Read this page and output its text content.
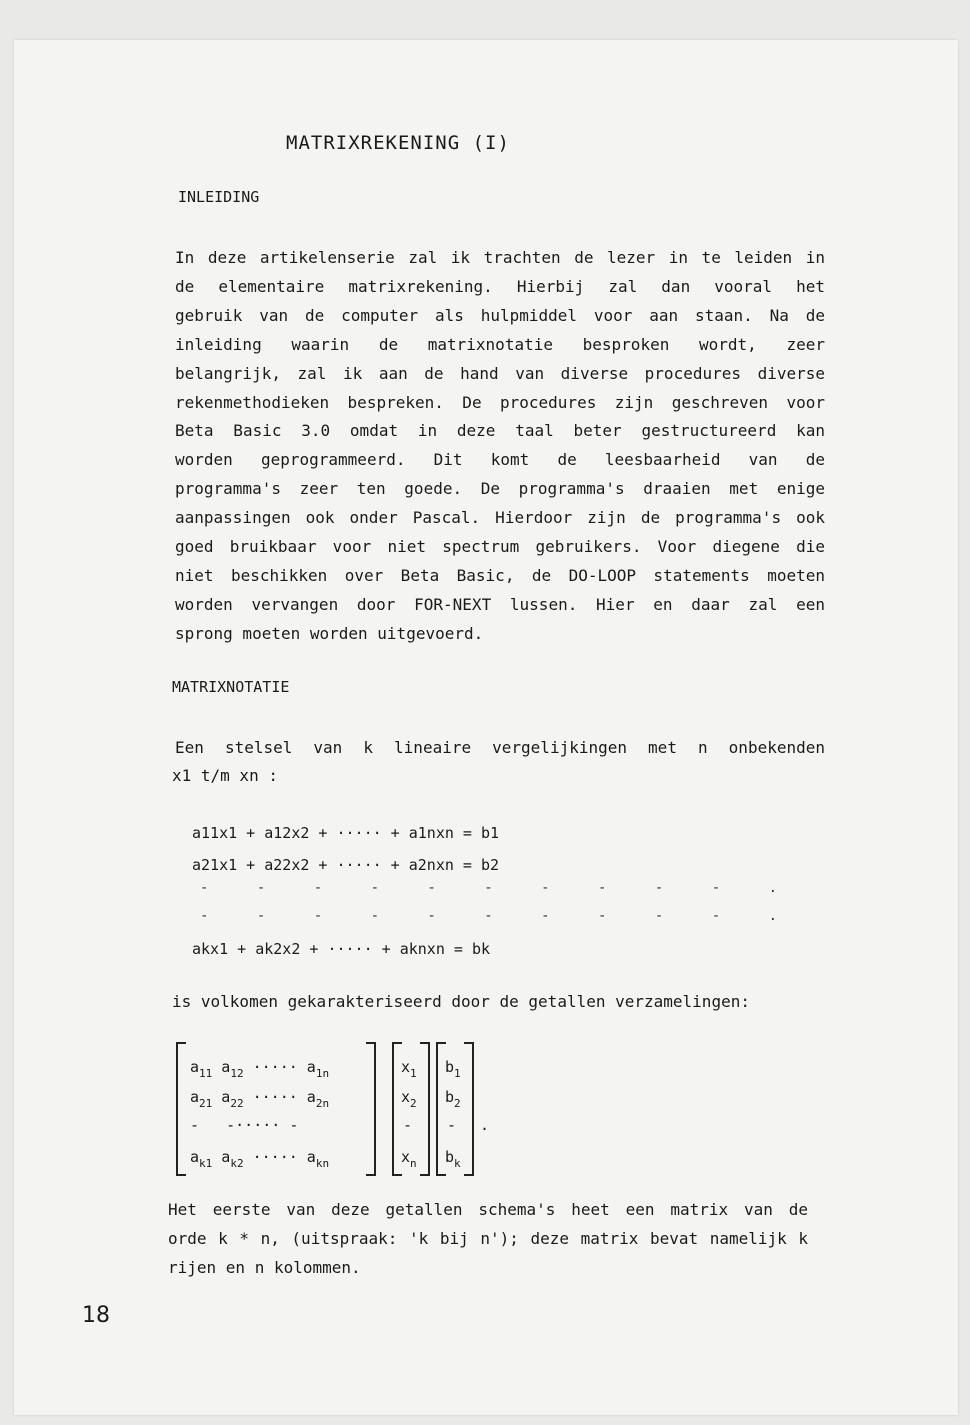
MATRIXREKENING (I)
INLEIDING
In deze artikelenserie zal ik trachten de lezer in te leiden in
de elementaire matrixrekening. Hierbij zal dan vooral het
gebruik van de computer als hulpmiddel voor aan staan. Na de
inleiding waarin de matrixnotatie besproken wordt, zeer
belangrijk, zal ik aan de hand van diverse procedures diverse
rekenmethodieken bespreken. De procedures zijn geschreven voor
Beta Basic 3.0 omdat in deze taal beter gestructureerd kan
worden geprogrammeerd. Dit komt de leesbaarheid van de
programma's zeer ten goede. De programma's draaien met enige
aanpassingen ook onder Pascal. Hierdoor zijn de programma's ook
goed bruikbaar voor niet spectrum gebruikers. Voor diegene die
niet beschikken over Beta Basic, de DO-LOOP statements moeten
worden vervangen door FOR-NEXT lussen. Hier en daar zal een
sprong moeten worden uitgevoerd.
MATRIXNOTATIE
Een stelsel van k lineaire vergelijkingen met n onbekenden
x1 t/m xn :
a11x1 + a12x2 + ····· + a1nxn = b1
a21x1 + a22x2 + ····· + a2nxn = b2
- - - - - - - - - - .
- - - - - - - - - - .
akx1 + ak2x2 + ····· + aknxn = bk
is volkomen gekarakteriseerd door de getallen verzamelingen:
$a_{11}$ $a_{12}$ ····· $a_{1n}$
$a_{21}$ $a_{22}$ ····· $a_{2n}$
-   -····· -
$a_{k1}$ $a_{k2}$ ····· $a_{kn}$
$x_1$
$x_2$
-
$x_n$
$b_1$
$b_2$
-
$b_k$
.
Het eerste van deze getallen schema's heet een matrix van de
orde k * n, (uitspraak: 'k bij n'); deze matrix bevat namelijk k
rijen en n kolommen.
18
